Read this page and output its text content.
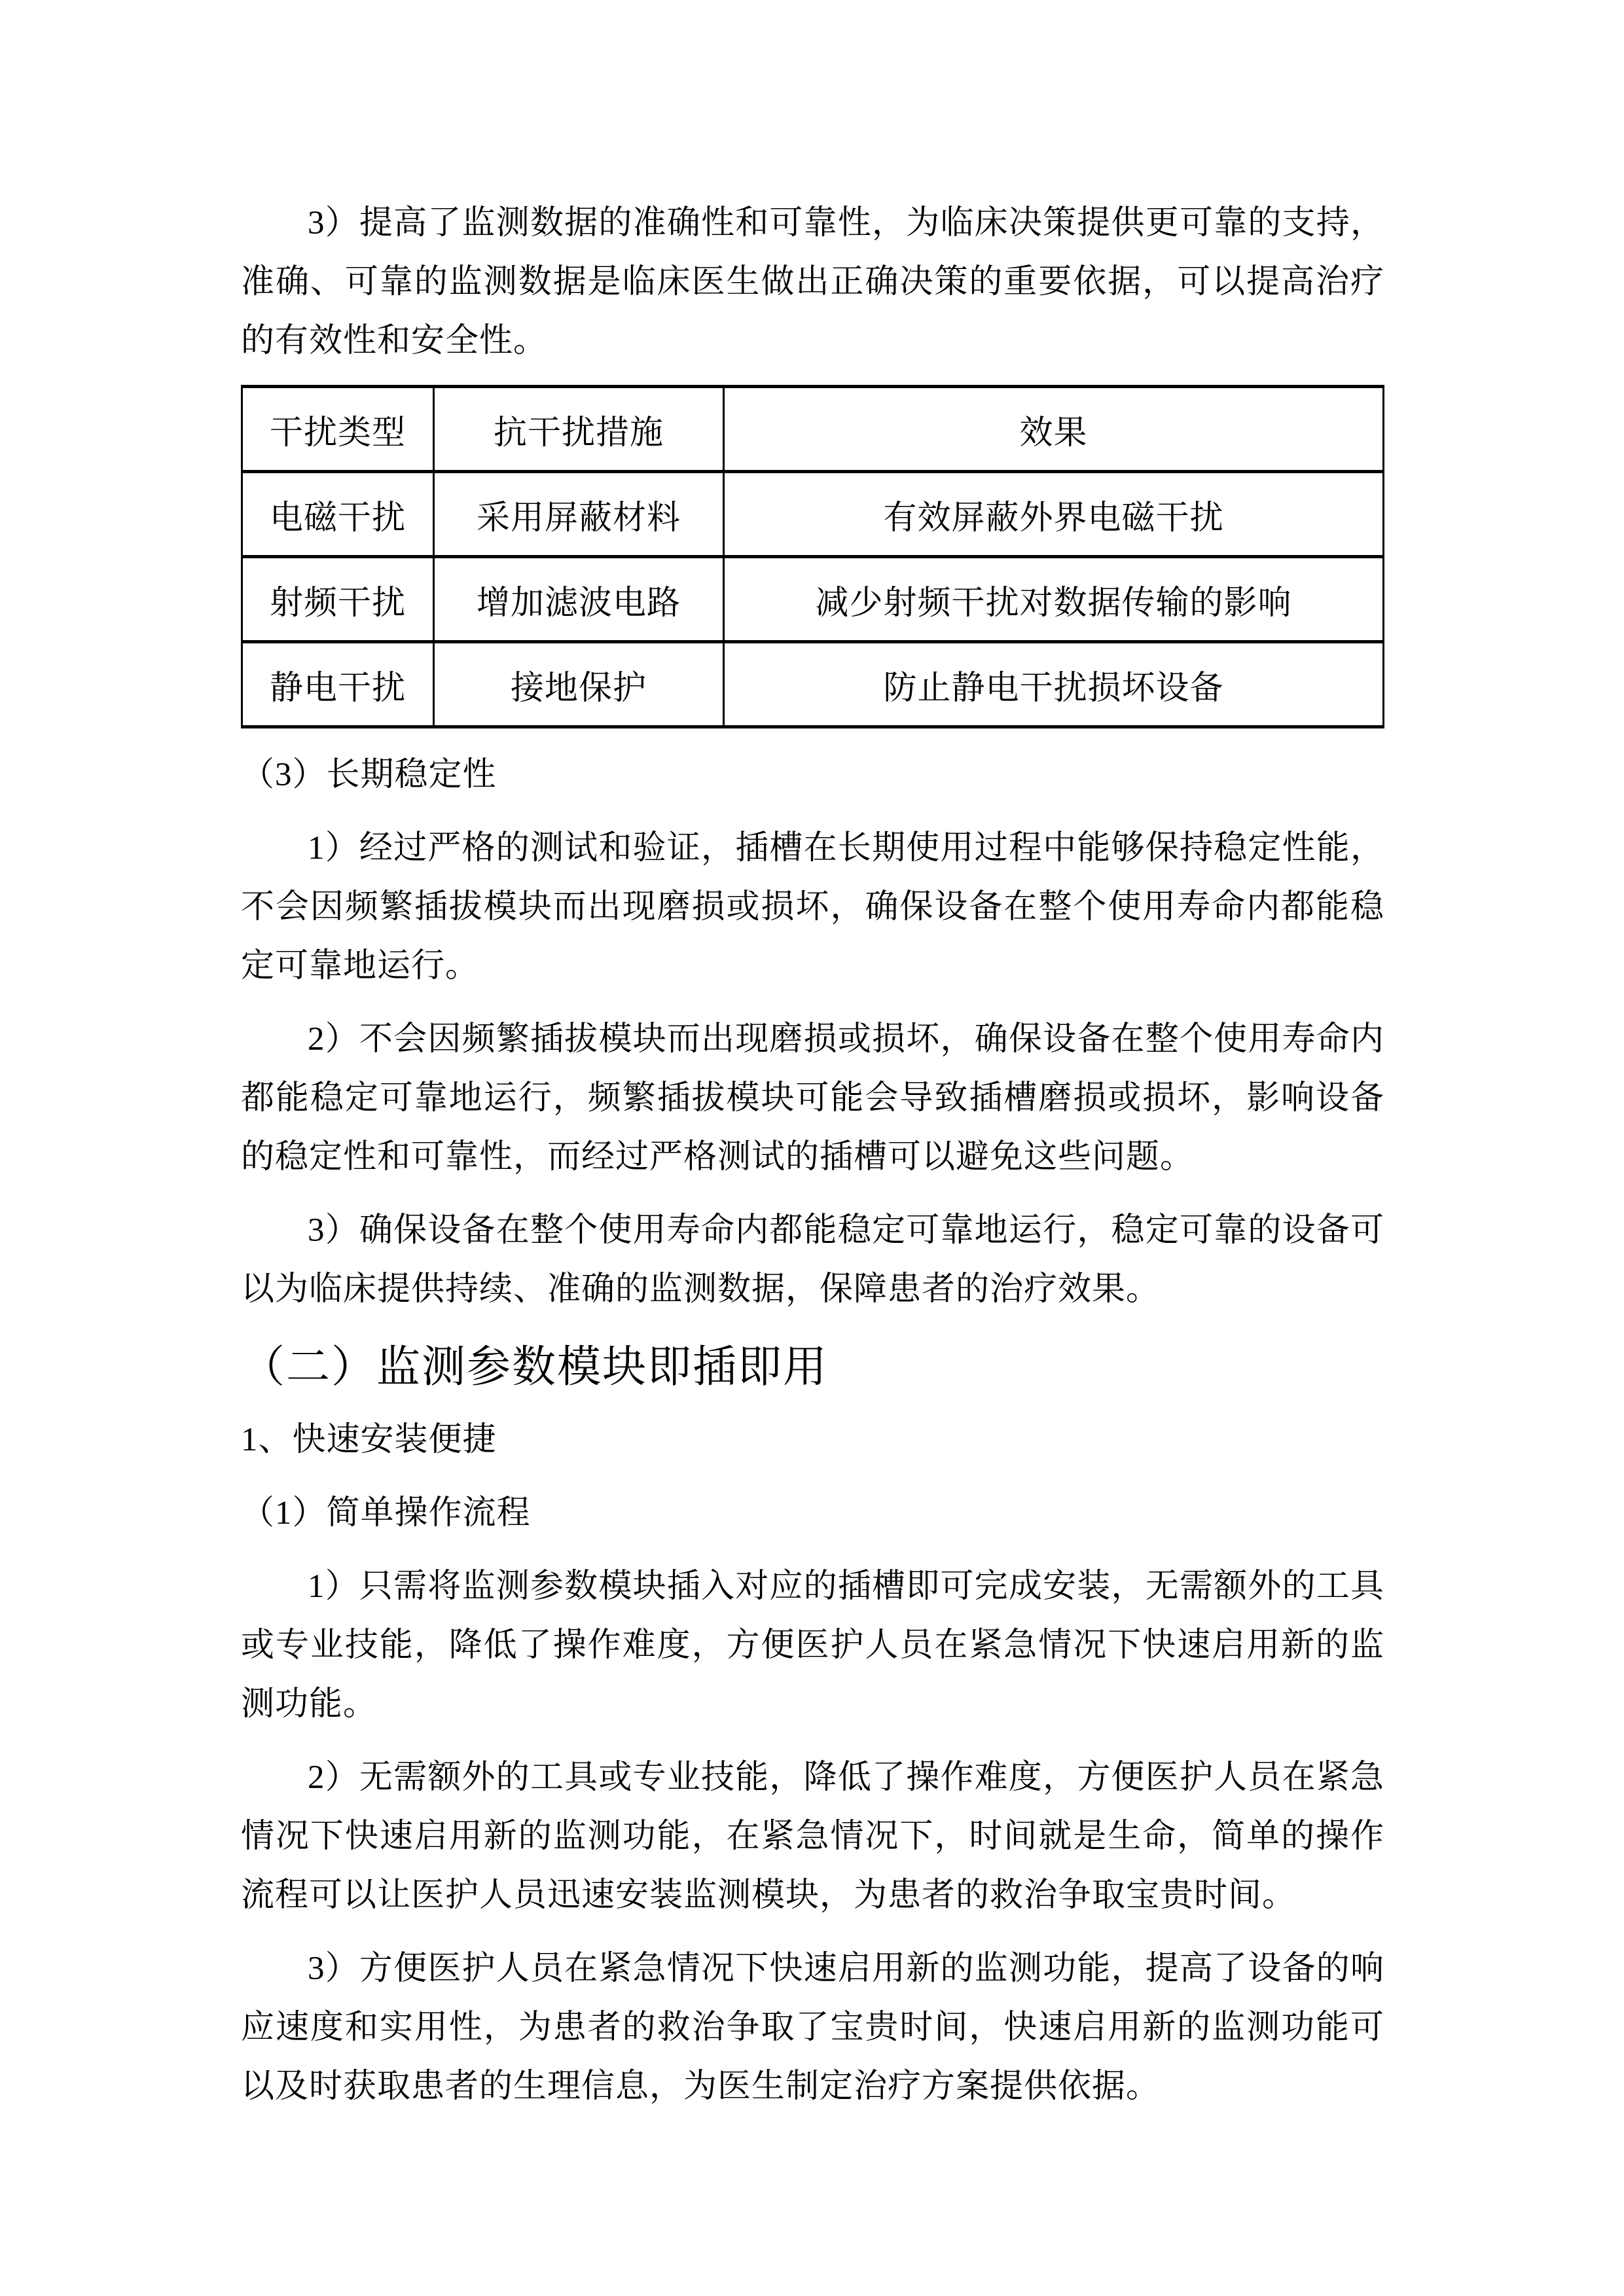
3）提高了监测数据的准确性和可靠性，为临床决策提供更可靠的支持，准确、可靠的监测数据是临床医生做出正确决策的重要依据，可以提高治疗的有效性和安全性。

干扰类型	抗干扰措施	效果
电磁干扰	采用屏蔽材料	有效屏蔽外界电磁干扰
射频干扰	增加滤波电路	减少射频干扰对数据传输的影响
静电干扰	接地保护	防止静电干扰损坏设备

（3）长期稳定性

1）经过严格的测试和验证，插槽在长期使用过程中能够保持稳定性能，不会因频繁插拔模块而出现磨损或损坏，确保设备在整个使用寿命内都能稳定可靠地运行。

2）不会因频繁插拔模块而出现磨损或损坏，确保设备在整个使用寿命内都能稳定可靠地运行，频繁插拔模块可能会导致插槽磨损或损坏，影响设备的稳定性和可靠性，而经过严格测试的插槽可以避免这些问题。

3）确保设备在整个使用寿命内都能稳定可靠地运行，稳定可靠的设备可以为临床提供持续、准确的监测数据，保障患者的治疗效果。

（二）监测参数模块即插即用

1、快速安装便捷

（1）简单操作流程

1）只需将监测参数模块插入对应的插槽即可完成安装，无需额外的工具或专业技能，降低了操作难度，方便医护人员在紧急情况下快速启用新的监测功能。

2）无需额外的工具或专业技能，降低了操作难度，方便医护人员在紧急情况下快速启用新的监测功能，在紧急情况下，时间就是生命，简单的操作流程可以让医护人员迅速安装监测模块，为患者的救治争取宝贵时间。

3）方便医护人员在紧急情况下快速启用新的监测功能，提高了设备的响应速度和实用性，为患者的救治争取了宝贵时间，快速启用新的监测功能可以及时获取患者的生理信息，为医生制定治疗方案提供依据。
